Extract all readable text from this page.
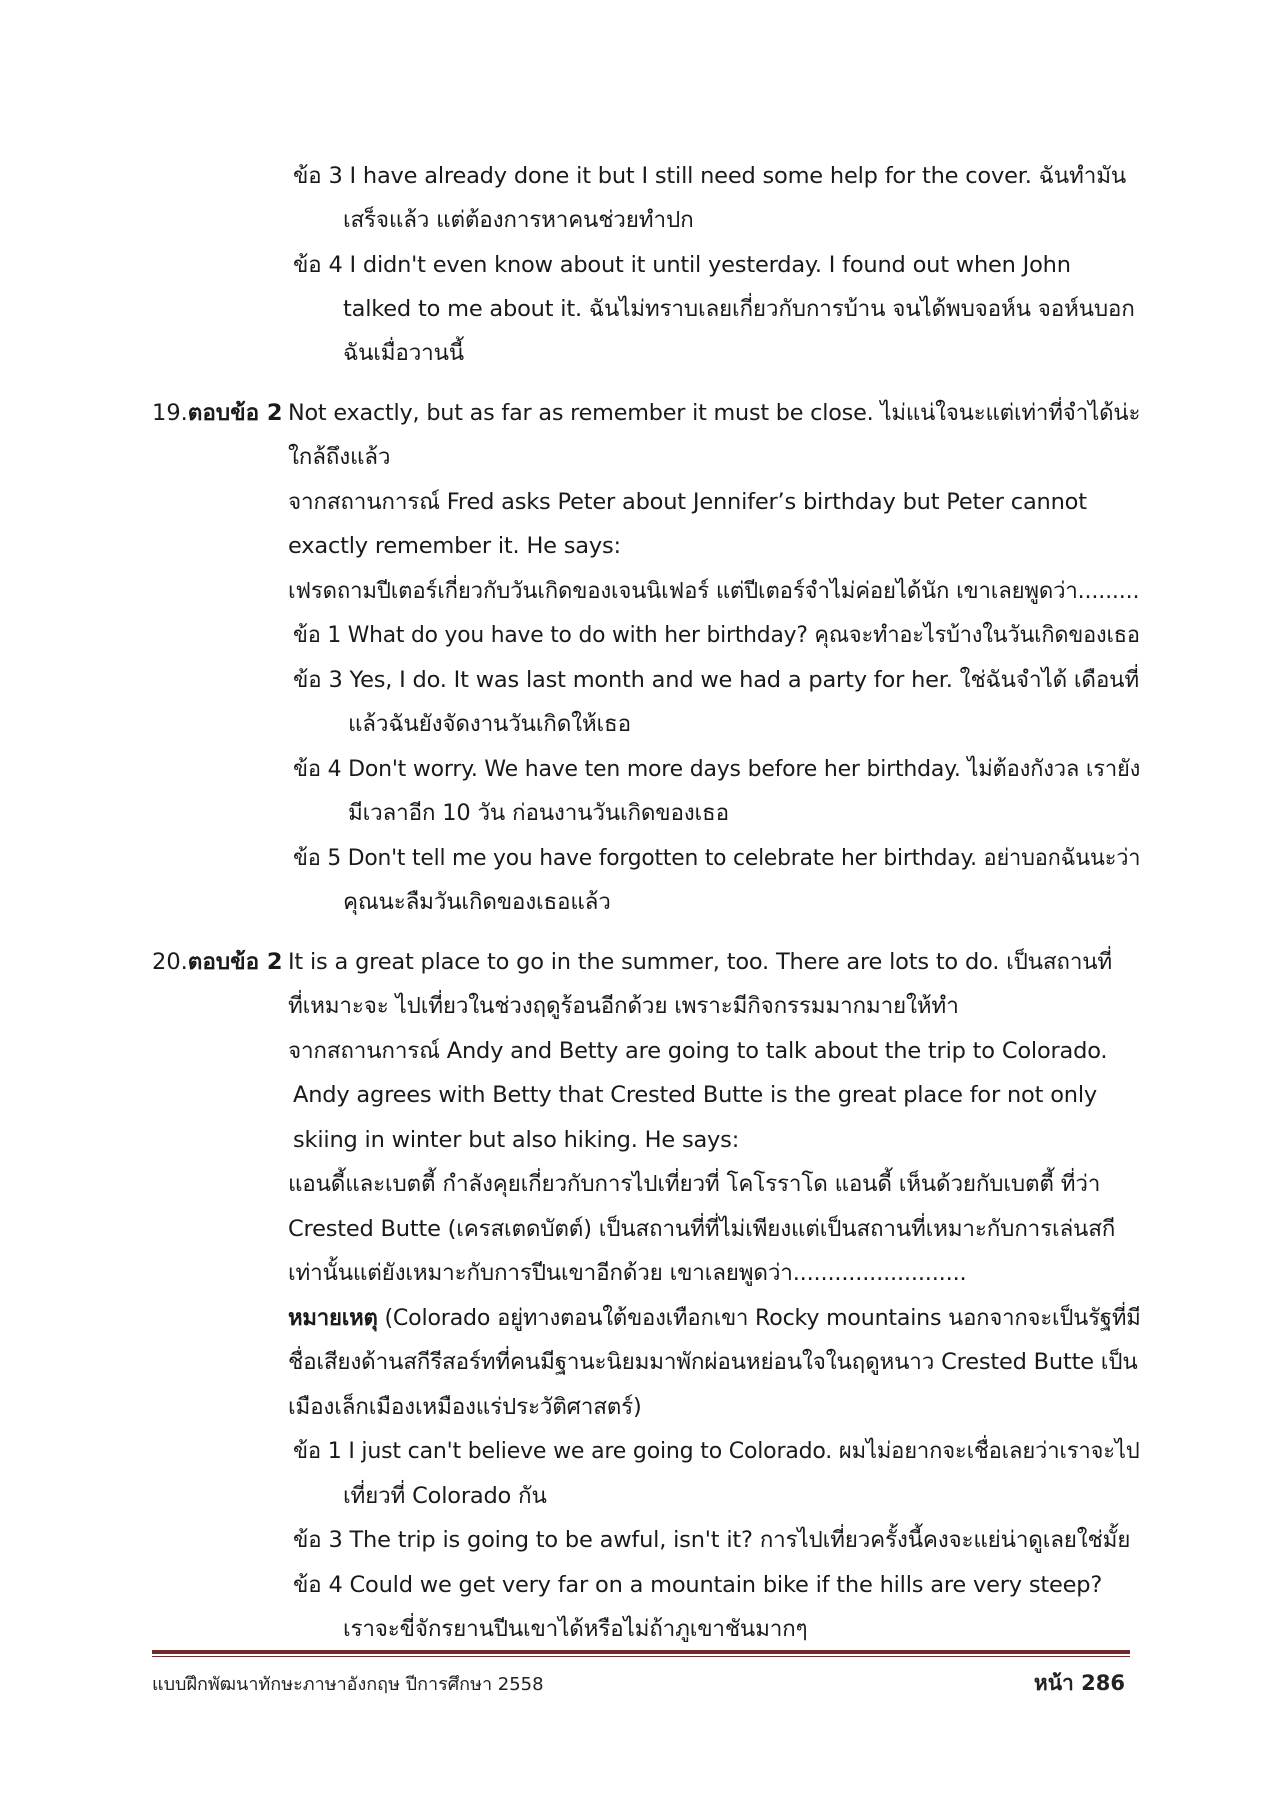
ข้อ 3 I have already done it but I still need some help for the cover. ฉันทำมัน
เสร็จแล้ว แต่ต้องการหาคนช่วยทำปก
ข้อ 4 I didn't even know about it until yesterday. I found out when John
talked to me about it. ฉันไม่ทราบเลยเกี่ยวกับการบ้าน จนได้พบจอห์น จอห์นบอก
ฉันเมื่อวานนี้
19.ตอบข้อ 2 Not exactly, but as far as remember it must be close. ไม่แน่ใจนะแต่เท่าที่จำได้น่ะ
ใกล้ถึงแล้ว
จากสถานการณ์ Fred asks Peter about Jennifer’s birthday but Peter cannot
exactly remember it. He says:
เฟรดถามปีเตอร์เกี่ยวกับวันเกิดของเจนนิเฟอร์ แต่ปีเตอร์จำไม่ค่อยได้นัก เขาเลยพูดว่า.........
ข้อ 1 What do you have to do with her birthday? คุณจะทำอะไรบ้างในวันเกิดของเธอ
ข้อ 3 Yes, I do. It was last month and we had a party for her. ใช่ฉันจำได้ เดือนที่
แล้วฉันยังจัดงานวันเกิดให้เธอ
ข้อ 4 Don't worry. We have ten more days before her birthday. ไม่ต้องกังวล เรายัง
มีเวลาอีก 10 วัน ก่อนงานวันเกิดของเธอ
ข้อ 5 Don't tell me you have forgotten to celebrate her birthday. อย่าบอกฉันนะว่า
คุณนะลืมวันเกิดของเธอแล้ว
20.ตอบข้อ 2 It is a great place to go in the summer, too. There are lots to do. เป็นสถานที่
ที่เหมาะจะ ไปเที่ยวในช่วงฤดูร้อนอีกด้วย เพราะมีกิจกรรมมากมายให้ทำ
จากสถานการณ์ Andy and Betty are going to talk about the trip to Colorado.
Andy agrees with Betty that Crested Butte is the great place for not only
skiing in winter but also hiking. He says:
แอนดี้และเบตตี้ กำลังคุยเกี่ยวกับการไปเที่ยวที่ โคโรราโด แอนดี้ เห็นด้วยกับเบตตี้ ที่ว่า
Crested Butte (เครสเตดบัตต์) เป็นสถานที่ที่ไม่เพียงแต่เป็นสถานที่เหมาะกับการเล่นสกี
เท่านั้นแต่ยังเหมาะกับการปีนเขาอีกด้วย เขาเลยพูดว่า.........................
หมายเหตุ (Colorado อยู่ทางตอนใต้ของเทือกเขา Rocky mountains นอกจากจะเป็นรัฐที่มี
ชื่อเสียงด้านสกีรีสอร์ทที่คนมีฐานะนิยมมาพักผ่อนหย่อนใจในฤดูหนาว Crested Butte เป็น
เมืองเล็กเมืองเหมืองแร่ประวัติศาสตร์)
ข้อ 1 I just can't believe we are going to Colorado. ผมไม่อยากจะเชื่อเลยว่าเราจะไป
เที่ยวที่ Colorado กัน
ข้อ 3 The trip is going to be awful, isn't it? การไปเที่ยวครั้งนี้คงจะแย่น่าดูเลยใช่มั้ย
ข้อ 4 Could we get very far on a mountain bike if the hills are very steep?
เราจะขี่จักรยานปีนเขาได้หรือไม่ถ้าภูเขาชันมากๆ
แบบฝึกพัฒนาทักษะภาษาอังกฤษ ปีการศึกษา 2558	หน้า 286
